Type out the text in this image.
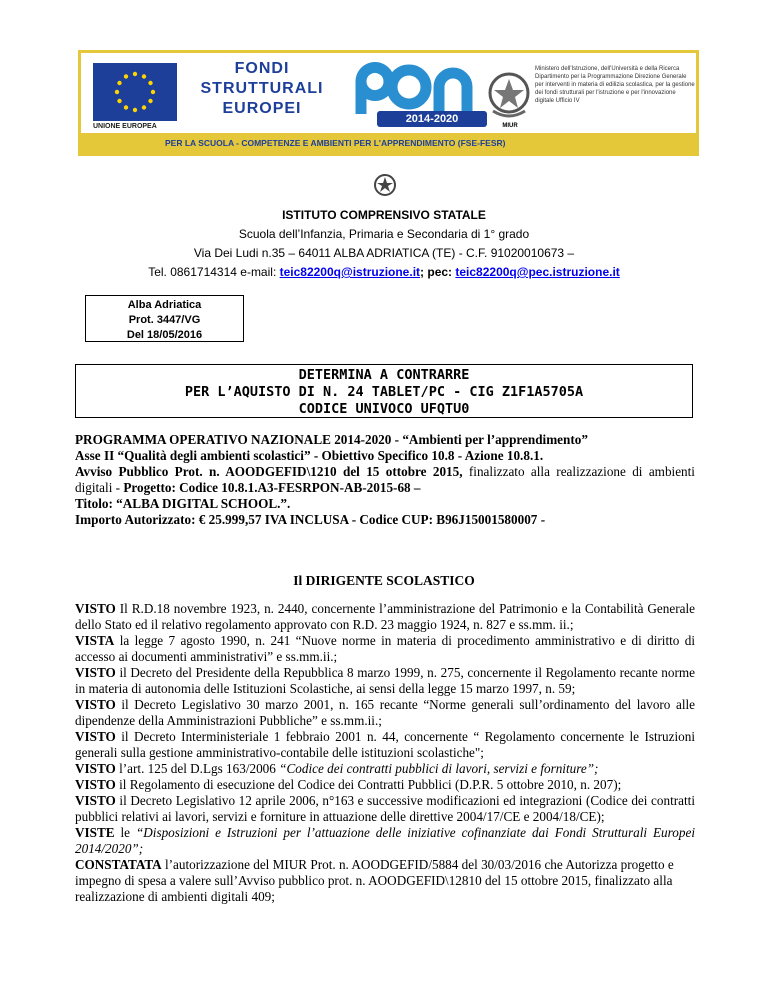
UNIONE EUROPEA
FONDI
STRUTTURALI
EUROPEI
2014-2020
MIUR
Ministero dell'Istruzione, dell'Università e della Ricerca Dipartimento per la Programmazione Direzione Generale per interventi in materia di edilizia scolastica, per la gestione dei fondi strutturali per l'istruzione e per l'innovazione digitale Ufficio IV
PER LA SCUOLA - COMPETENZE E AMBIENTI PER L'APPRENDIMENTO (FSE-FESR)
ISTITUTO COMPRENSIVO STATALE
Scuola dell’Infanzia, Primaria e Secondaria di 1° grado
Via Dei Ludi n.35 – 64011 ALBA ADRIATICA (TE) - C.F. 91020010673 –
Tel. 0861714314 e-mail: teic82200q@istruzione.it; pec: teic82200q@pec.istruzione.it
Alba Adriatica
Prot. 3447/VG
Del 18/05/2016
DETERMINA A CONTRARRE
PER L’AQUISTO DI N. 24 TABLET/PC - CIG Z1F1A5705A
CODICE UNIVOCO UFQTU0

PROGRAMMA OPERATIVO NAZIONALE 2014-2020 - “Ambienti per l’apprendimento”

Asse II “Qualità degli ambienti scolastici” - Obiettivo Specifico 10.8 - Azione 10.8.1.

Avviso Pubblico Prot. n. AOODGEFID\1210 del 15 ottobre 2015, finalizzato alla realizzazione di ambienti digitali - Progetto: Codice 10.8.1.A3-FESRPON-AB-2015-68 –

Titolo: “ALBA DIGITAL SCHOOL.”.

Importo Autorizzato: € 25.999,57 IVA INCLUSA - Codice CUP: B96J15001580007 -

Il DIRIGENTE SCOLASTICO

VISTO Il R.D.18 novembre 1923, n. 2440, concernente l’amministrazione del Patrimonio e la Contabilità Generale dello Stato ed il relativo regolamento approvato con R.D. 23 maggio 1924, n. 827 e ss.mm. ii.;

VISTA la legge 7 agosto 1990, n. 241 “Nuove norme in materia di procedimento amministrativo e di diritto di accesso ai documenti amministrativi” e ss.mm.ii.;

VISTO il Decreto del Presidente della Repubblica 8 marzo 1999, n. 275, concernente il Regolamento recante norme in materia di autonomia delle Istituzioni Scolastiche, ai sensi della legge 15 marzo 1997, n. 59;

VISTO il Decreto Legislativo 30 marzo 2001, n. 165 recante “Norme generali sull’ordinamento del lavoro alle dipendenze della Amministrazioni Pubbliche” e ss.mm.ii.;

VISTO il Decreto Interministeriale 1 febbraio 2001 n. 44, concernente “ Regolamento concernente le Istruzioni generali sulla gestione amministrativo-contabile delle istituzioni scolastiche";

VISTO l’art. 125 del D.Lgs 163/2006 “Codice dei contratti pubblici di lavori, servizi e forniture”;

VISTO il Regolamento di esecuzione del Codice dei Contratti Pubblici (D.P.R. 5 ottobre 2010, n. 207);

VISTO il Decreto Legislativo 12 aprile 2006, n°163 e successive modificazioni ed integrazioni (Codice dei contratti pubblici relativi ai lavori, servizi e forniture in attuazione delle direttive 2004/17/CE e 2004/18/CE);

VISTE le “Disposizioni e Istruzioni per l’attuazione delle iniziative cofinanziate dai Fondi Strutturali Europei 2014/2020”;

CONSTATATA l’autorizzazione del MIUR Prot. n. AOODGEFID/5884 del 30/03/2016 che Autorizza progetto e impegno di spesa a valere sull’Avviso pubblico prot. n. AOODGEFID\12810 del 15 ottobre 2015, finalizzato alla realizzazione di ambienti digitali 409;
